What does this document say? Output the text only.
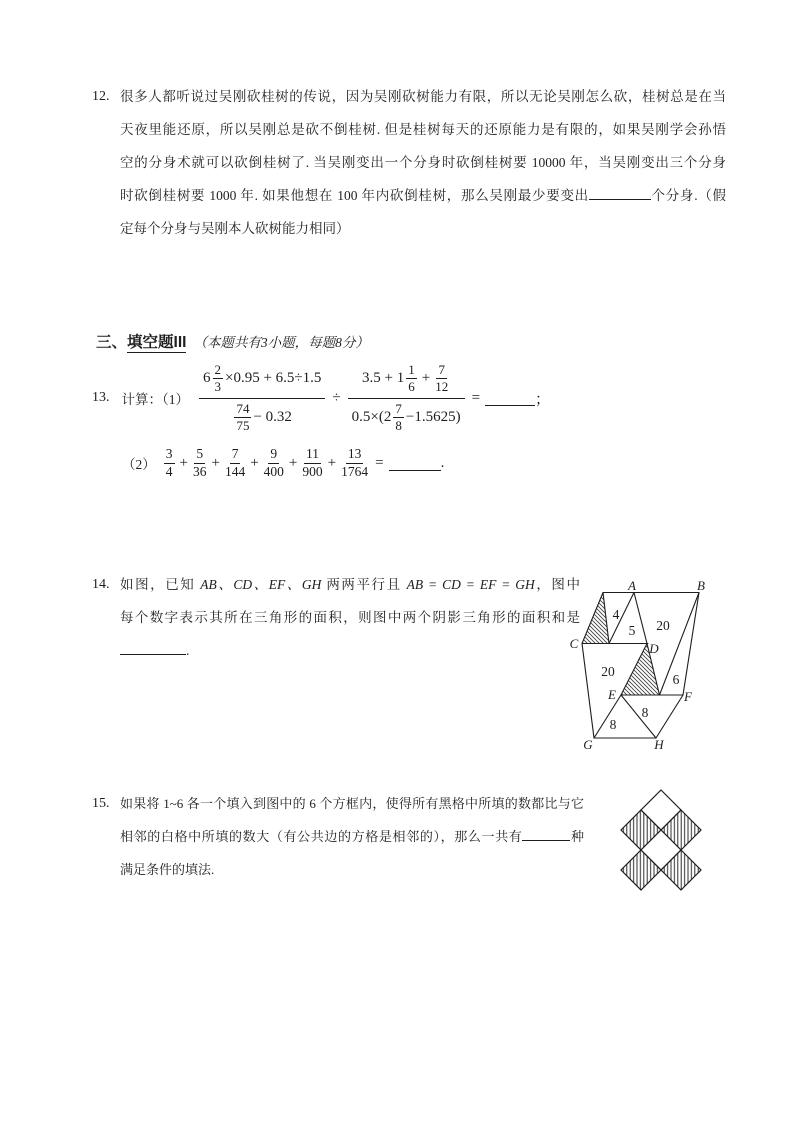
12. 很多人都听说过吴刚砍桂树的传说，因为吴刚砍树能力有限，所以无论吴刚怎么砍，桂树总是在当
天夜里能还原，所以吴刚总是砍不倒桂树. 但是桂树每天的还原能力是有限的，如果吴刚学会孙悟
空的分身术就可以砍倒桂树了. 当吴刚变出一个分身时砍倒桂树要 10000 年，当吴刚变出三个分身
时砍倒桂树要 1000 年. 如果他想在 100 年内砍倒桂树，那么吴刚最少要变出	个分身.（假
定每个分身与吴刚本人砍树能力相同）
三、填空题III （本题共有3小题，每题8分）
13. 计算：（1）
6
2
3
×0.95 + 6.5÷1.5
74
75
− 0.32
÷
3.5 + 1
1
6
+ $\frac{7}{12}$
0.5×(2
7
8
−1.5625)
=	；
（2）
3
4
+ $\frac{5}{36} + \frac{7}{144} + \frac{9}{400} + \frac{11}{900} + \frac{13}{1764}$ =	.
14. 如图，已知 AB、CD、EF、GH 两两平行且 AB = CD = EF = GH，图中
每个数字表示其所在三角形的面积，则图中两个阴影三角形的面积和是
.
A	B
C	D
E	F
G	H
4
5 20
20
6
8
8
15. 如果将 1~6 各一个填入到图中的 6 个方框内，使得所有黑格中所填的数都比与它
相邻的白格中所填的数大（有公共边的方格是相邻的），那么一共有	种
满足条件的填法.
